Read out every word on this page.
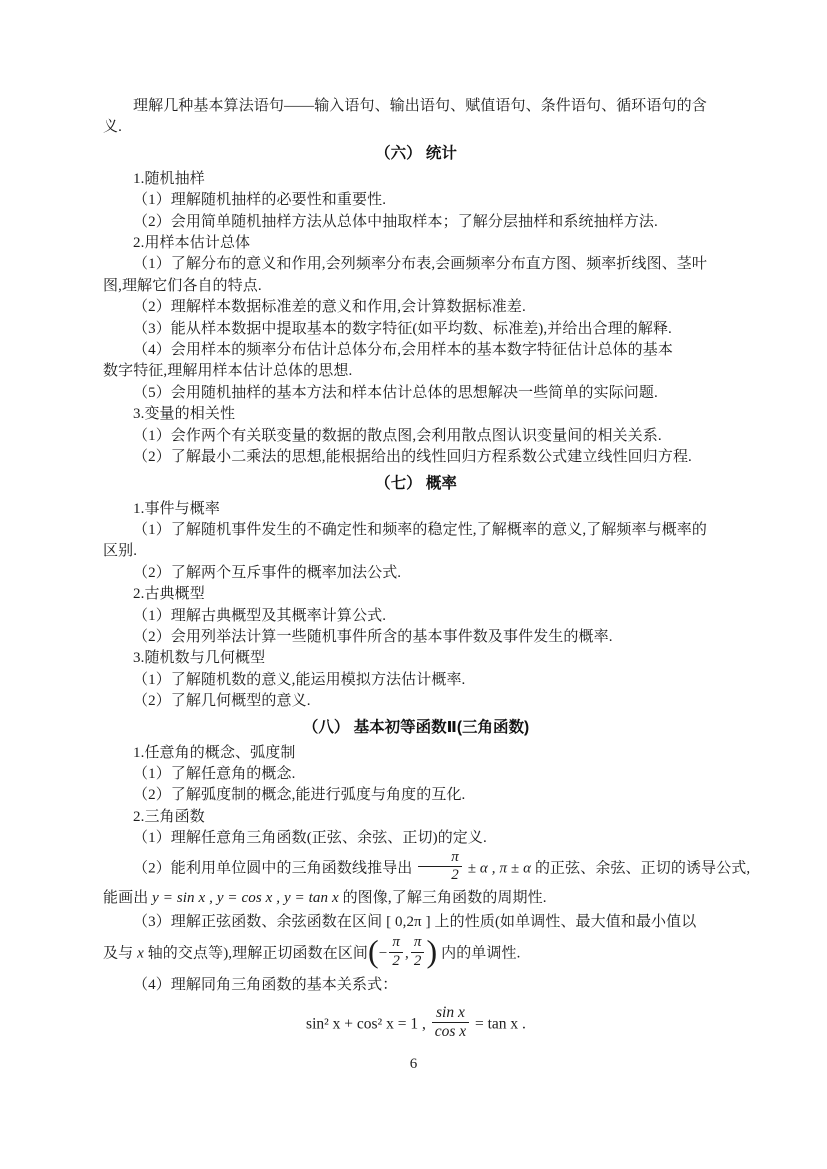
理解几种基本算法语句——输入语句、输出语句、赋值语句、条件语句、循环语句的含

义.

（六） 统计

1.随机抽样

（1）理解随机抽样的必要性和重要性.

（2）会用简单随机抽样方法从总体中抽取样本；了解分层抽样和系统抽样方法.

2.用样本估计总体

（1）了解分布的意义和作用,会列频率分布表,会画频率分布直方图、频率折线图、茎叶

图,理解它们各自的特点.

（2）理解样本数据标准差的意义和作用,会计算数据标准差.

（3）能从样本数据中提取基本的数字特征(如平均数、标准差),并给出合理的解释.

（4）会用样本的频率分布估计总体分布,会用样本的基本数字特征估计总体的基本

数字特征,理解用样本估计总体的思想.

（5）会用随机抽样的基本方法和样本估计总体的思想解决一些简单的实际问题.

3.变量的相关性

（1）会作两个有关联变量的数据的散点图,会利用散点图认识变量间的相关关系.

（2）了解最小二乘法的思想,能根据给出的线性回归方程系数公式建立线性回归方程.

（七） 概率

1.事件与概率

（1）了解随机事件发生的不确定性和频率的稳定性,了解概率的意义,了解频率与概率的

区别.

（2）了解两个互斥事件的概率加法公式.

2.古典概型

（1）理解古典概型及其概率计算公式.

（2）会用列举法计算一些随机事件所含的基本事件数及事件发生的概率.

3.随机数与几何概型

（1）了解随机数的意义,能运用模拟方法估计概率.

（2）了解几何概型的意义.

（八） 基本初等函数Ⅱ(三角函数)

1.任意角的概念、弧度制

（1）了解任意角的概念.

（2）了解弧度制的概念,能进行弧度与角度的互化.

2.三角函数

（1）理解任意角三角函数(正弦、余弦、正切)的定义.

（2）能利用单位圆中的三角函数线推导出 $\frac{\pi}{2} \pm \alpha$ , π ± α 的正弦、余弦、正切的诱导公式,

能画出 y = sin x , y = cos x , y = tan x 的图像,了解三角函数的周期性.

（3）理解正弦函数、余弦函数在区间 [ 0,2π ] 上的性质(如单调性、最大值和最小值以

及与 x 轴的交点等),理解正切函数在区间(− $\frac{\pi}{2}$ , $\frac{\pi}{2}$ ) 内的单调性.

（4）理解同角三角函数的基本关系式：

sin² x + cos² x = 1 , $\frac{\text{sin x}}{\text{cos x}} = \tan x$ .

6
